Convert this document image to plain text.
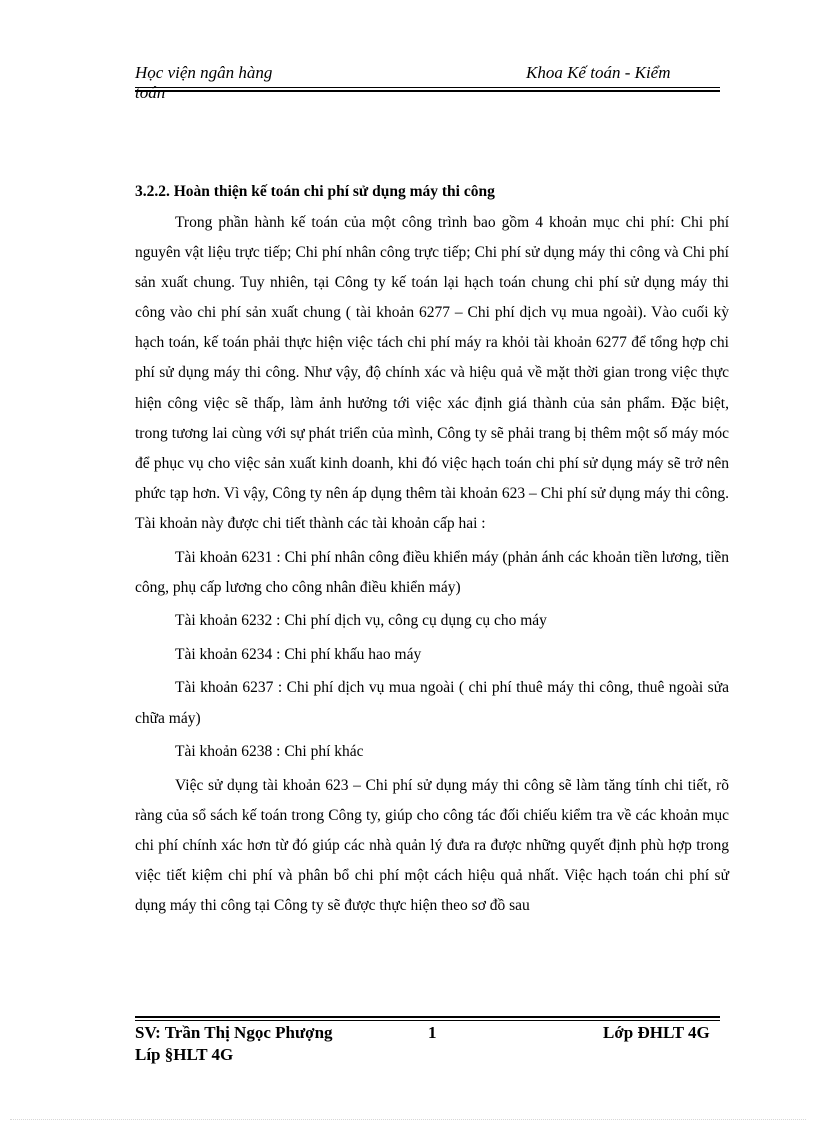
Học viện ngân hàng	Khoa Kế toán - Kiểm
toán
3.2.2. Hoàn thiện kế toán chi phí sử dụng máy thi công

Trong phần hành kế toán của một công trình bao gồm 4 khoản mục chi phí: Chi phí nguyên vật liệu trực tiếp; Chi phí nhân công trực tiếp; Chi phí sử dụng máy thi công và Chi phí sản xuất chung. Tuy nhiên, tại Công ty kế toán lại hạch toán chung chi phí sử dụng máy thi công vào chi phí sản xuất chung ( tài khoản 6277 – Chi phí dịch vụ mua ngoài). Vào cuối kỳ hạch toán, kế toán phải thực hiện việc tách chi phí máy ra khỏi tài khoản 6277 để tổng hợp chi phí sử dụng máy thi công. Như vậy, độ chính xác và hiệu quả về mặt thời gian trong việc thực hiện công việc sẽ thấp, làm ảnh hưởng tới việc xác định giá thành của sản phẩm. Đặc biệt, trong tương lai cùng với sự phát triển của mình, Công ty sẽ phải trang bị thêm một số máy móc để phục vụ cho việc sản xuất kinh doanh, khi đó việc hạch toán chi phí sử dụng máy sẽ trở nên phức tạp hơn. Vì vậy, Công ty nên áp dụng thêm tài khoản 623 – Chi phí sử dụng máy thi công. Tài khoản này được chi tiết thành các tài khoản cấp hai :

Tài khoản 6231 : Chi phí nhân công điều khiển máy (phản ánh các khoản tiền lương, tiền công, phụ cấp lương cho công nhân điều khiển máy)

Tài khoản 6232 : Chi phí dịch vụ, công cụ dụng cụ cho máy

Tài khoản 6234 : Chi phí khấu hao máy

Tài khoản 6237 : Chi phí dịch vụ mua ngoài ( chi phí thuê máy thi công, thuê ngoài sửa chữa máy)

Tài khoản 6238 : Chi phí khác

Việc sử dụng tài khoản 623 – Chi phí sử dụng máy thi công sẽ làm tăng tính chi tiết, rõ ràng của sổ sách kế toán trong Công ty, giúp cho công tác đối chiếu kiểm tra về các khoản mục chi phí chính xác hơn từ đó giúp các nhà quản lý đưa ra được những quyết định phù hợp trong việc tiết kiệm chi phí và phân bổ chi phí một cách hiệu quả nhất. Việc hạch toán chi phí sử dụng máy thi công tại Công ty sẽ được thực hiện theo sơ đồ sau

SV: Trần Thị Ngọc Phượng	1	Lớp ĐHLT 4G
Líp §HLT 4G
